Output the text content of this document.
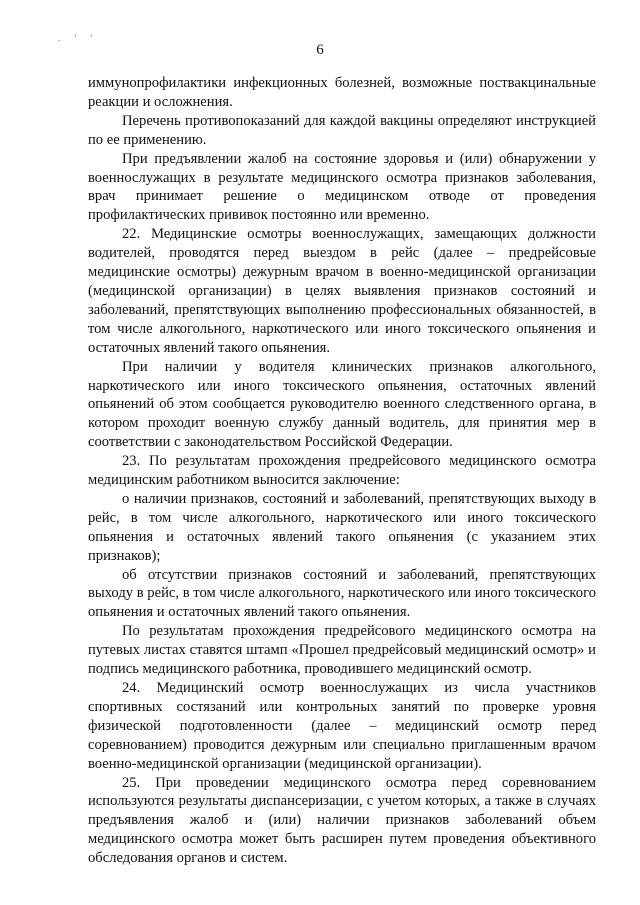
. ' '
6

иммунопрофилактики инфекционных болезней, возможные поствакцинальные реакции и осложнения.

Перечень противопоказаний для каждой вакцины определяют инструкцией по ее применению.

При предъявлении жалоб на состояние здоровья и (или) обнаружении у военнослужащих в результате медицинского осмотра признаков заболевания, врач принимает решение о медицинском отводе от проведения профилактических прививок постоянно или временно.

22. Медицинские осмотры военнослужащих, замещающих должности водителей, проводятся перед выездом в рейс (далее – предрейсовые медицинские осмотры) дежурным врачом в военно-медицинской организации (медицинской организации) в целях выявления признаков состояний и заболеваний, препятствующих выполнению профессиональных обязанностей, в том числе алкогольного, наркотического или иного токсического опьянения и остаточных явлений такого опьянения.

При наличии у водителя клинических признаков алкогольного, наркотического или иного токсического опьянения, остаточных явлений опьянений об этом сообщается руководителю военного следственного органа, в котором проходит военную службу данный водитель, для принятия мер в соответствии с законодательством Российской Федерации.

23. По результатам прохождения предрейсового медицинского осмотра медицинским работником выносится заключение:

о наличии признаков, состояний и заболеваний, препятствующих выходу в рейс, в том числе алкогольного, наркотического или иного токсического опьянения и остаточных явлений такого опьянения (с указанием этих признаков);

об отсутствии признаков состояний и заболеваний, препятствующих выходу в рейс, в том числе алкогольного, наркотического или иного токсического опьянения и остаточных явлений такого опьянения.

По результатам прохождения предрейсового медицинского осмотра на путевых листах ставятся штамп «Прошел предрейсовый медицинский осмотр» и подпись медицинского работника, проводившего медицинский осмотр.

24. Медицинский осмотр военнослужащих из числа участников спортивных состязаний или контрольных занятий по проверке уровня физической подготовленности (далее – медицинский осмотр перед соревнованием) проводится дежурным или специально приглашенным врачом военно-медицинской организации (медицинской организации).

25. При проведении медицинского осмотра перед соревнованием используются результаты диспансеризации, с учетом которых, а также в случаях предъявления жалоб и (или) наличии признаков заболеваний объем медицинского осмотра может быть расширен путем проведения объективного обследования органов и систем.
